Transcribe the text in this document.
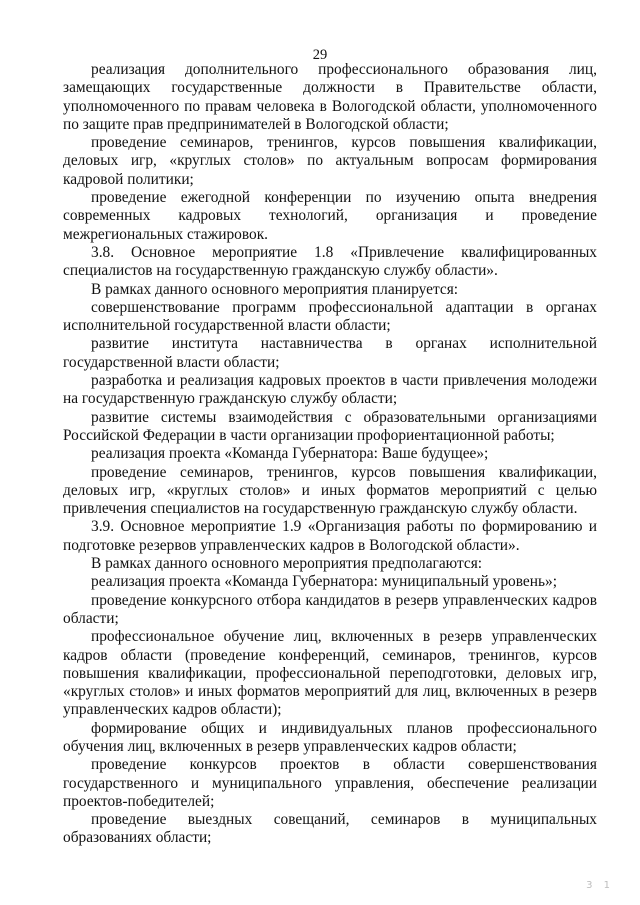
29

реализация дополнительного профессионального образования лиц, замещающих государственные должности в Правительстве области, уполномоченного по правам человека в Вологодской области, уполномоченного по защите прав предпринимателей в Вологодской области;

проведение семинаров, тренингов, курсов повышения квалификации, деловых игр, «круглых столов» по актуальным вопросам формирования кадровой политики;

проведение ежегодной конференции по изучению опыта внедрения современных кадровых технологий, организация и проведение межрегиональных стажировок.

3.8. Основное мероприятие 1.8 «Привлечение квалифицированных специалистов на государственную гражданскую службу области».

В рамках данного основного мероприятия планируется:

совершенствование программ профессиональной адаптации в органах исполнительной государственной власти области;

развитие института наставничества в органах исполнительной государственной власти области;

разработка и реализация кадровых проектов в части привлечения молодежи на государственную гражданскую службу области;

развитие системы взаимодействия с образовательными организациями Российской Федерации в части организации профориентационной работы;

реализация проекта «Команда Губернатора: Ваше будущее»;

проведение семинаров, тренингов, курсов повышения квалификации, деловых игр, «круглых столов» и иных форматов мероприятий с целью привлечения специалистов на государственную гражданскую службу области.

3.9. Основное мероприятие 1.9 «Организация работы по формированию и подготовке резервов управленческих кадров в Вологодской области».

В рамках данного основного мероприятия предполагаются:

реализация проекта «Команда Губернатора: муниципальный уровень»;

проведение конкурсного отбора кандидатов в резерв управленческих кадров области;

профессиональное обучение лиц, включенных в резерв управленческих кадров области (проведение конференций, семинаров, тренингов, курсов повышения квалификации, профессиональной переподготовки, деловых игр, «круглых столов» и иных форматов мероприятий для лиц, включенных в резерв управленческих кадров области);

формирование общих и индивидуальных планов профессионального обучения лиц, включенных в резерв управленческих кадров области;

проведение конкурсов проектов в области совершенствования государственного и муниципального управления, обеспечение реализации проектов-победителей;

проведение выездных совещаний, семинаров в муниципальных образованиях области;

3 1
